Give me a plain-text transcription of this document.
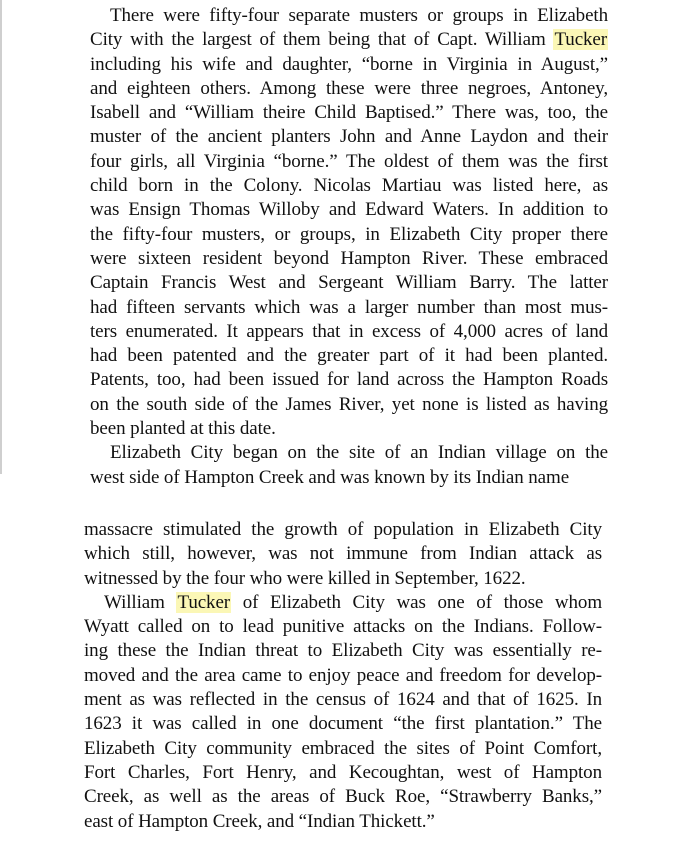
There were fifty-four separate musters or groups in Elizabeth
City with the largest of them being that of Capt. William Tucker
including his wife and daughter, “borne in Virginia in August,”
and eighteen others. Among these were three negroes, Antoney,
Isabell and “William theire Child Baptised.” There was, too, the
muster of the ancient planters John and Anne Laydon and their
four girls, all Virginia “borne.” The oldest of them was the first
child born in the Colony. Nicolas Martiau was listed here, as
was Ensign Thomas Willoby and Edward Waters. In addition to
the fifty-four musters, or groups, in Elizabeth City proper there
were sixteen resident beyond Hampton River. These embraced
Captain Francis West and Sergeant William Barry. The latter
had fifteen servants which was a larger number than most mus-
ters enumerated. It appears that in excess of 4,000 acres of land
had been patented and the greater part of it had been planted.
Patents, too, had been issued for land across the Hampton Roads
on the south side of the James River, yet none is listed as having
been planted at this date.
Elizabeth City began on the site of an Indian village on the
west side of Hampton Creek and was known by its Indian name
massacre stimulated the growth of population in Elizabeth City
which still, however, was not immune from Indian attack as
witnessed by the four who were killed in September, 1622.
William Tucker of Elizabeth City was one of those whom
Wyatt called on to lead punitive attacks on the Indians. Follow-
ing these the Indian threat to Elizabeth City was essentially re-
moved and the area came to enjoy peace and freedom for develop-
ment as was reflected in the census of 1624 and that of 1625. In
1623 it was called in one document “the first plantation.” The
Elizabeth City community embraced the sites of Point Comfort,
Fort Charles, Fort Henry, and Kecoughtan, west of Hampton
Creek, as well as the areas of Buck Roe, “Strawberry Banks,”
east of Hampton Creek, and “Indian Thickett.”
